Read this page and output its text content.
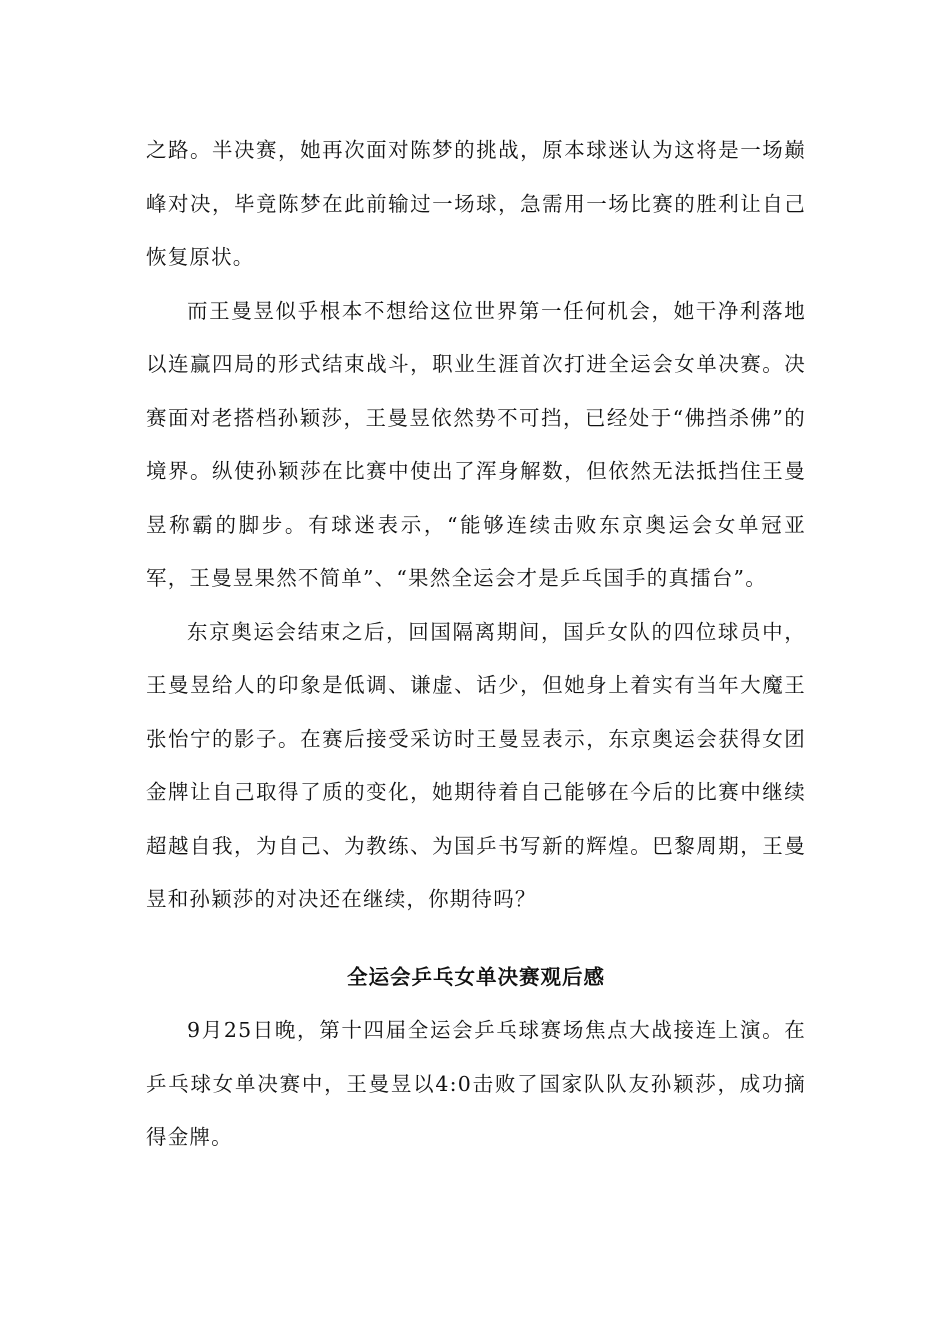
之路。半决赛，她再次面对陈梦的挑战，原本球迷认为这将是一场巅峰对决，毕竟陈梦在此前输过一场球，急需用一场比赛的胜利让自己恢复原状。

而王曼昱似乎根本不想给这位世界第一任何机会，她干净利落地以连赢四局的形式结束战斗，职业生涯首次打进全运会女单决赛。决赛面对老搭档孙颖莎，王曼昱依然势不可挡，已经处于“佛挡杀佛”的境界。纵使孙颖莎在比赛中使出了浑身解数，但依然无法抵挡住王曼昱称霸的脚步。有球迷表示，“能够连续击败东京奥运会女单冠亚军，王曼昱果然不简单”、“果然全运会才是乒乓国手的真擂台”。

东京奥运会结束之后，回国隔离期间，国乒女队的四位球员中，王曼昱给人的印象是低调、谦虚、话少，但她身上着实有当年大魔王张怡宁的影子。在赛后接受采访时王曼昱表示，东京奥运会获得女团金牌让自己取得了质的变化，她期待着自己能够在今后的比赛中继续超越自我，为自己、为教练、为国乒书写新的辉煌。巴黎周期，王曼昱和孙颖莎的对决还在继续，你期待吗？

全运会乒乓女单决赛观后感

9月25日晚，第十四届全运会乒乓球赛场焦点大战接连上演。在乒乓球女单决赛中，王曼昱以4:0击败了国家队队友孙颖莎，成功摘得金牌。
